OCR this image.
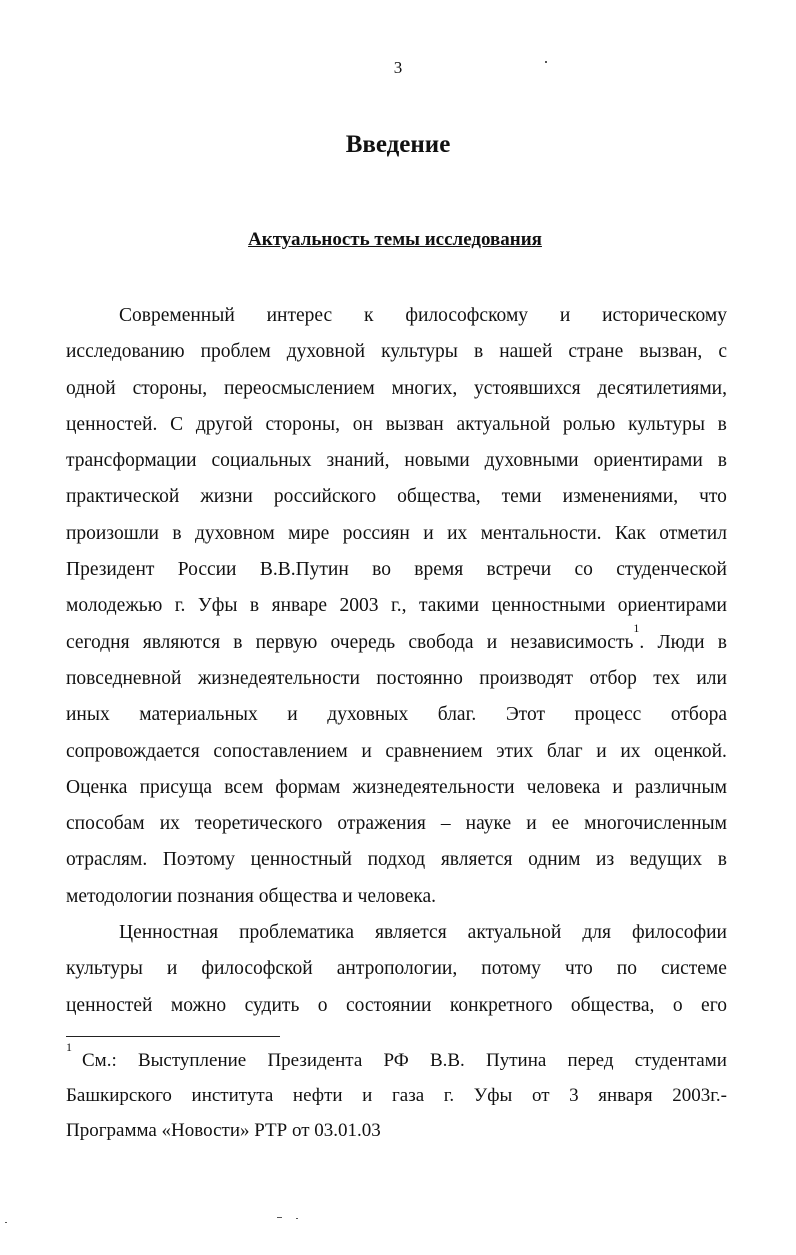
3
Введение
Актуальность темы исследования
Современный интерес к философскому и историческому
исследованию проблем духовной культуры в нашей стране вызван, с
одной стороны, переосмыслением многих, устоявшихся десятилетиями,
ценностей. С другой стороны, он вызван актуальной ролью культуры в
трансформации социальных знаний, новыми духовными ориентирами в
практической жизни российского общества, теми изменениями, что
произошли в духовном мире россиян и их ментальности. Как отметил
Президент России В.В.Путин во время встречи со студенческой
молодежью г. Уфы в январе 2003 г., такими ценностными ориентирами
сегодня являются в первую очередь свобода и независимость$^1$. Люди в
повседневной жизнедеятельности постоянно производят отбор тех или
иных материальных и духовных благ. Этот процесс отбора
сопровождается сопоставлением и сравнением этих благ и их оценкой.
Оценка присуща всем формам жизнедеятельности человека и различным
способам их теоретического отражения – науке и ее многочисленным
отраслям. Поэтому ценностный подход является одним из ведущих в
методологии познания общества и человека.
Ценностная проблематика является актуальной для философии
культуры и философской антропологии, потому что по системе
ценностей можно судить о состоянии конкретного общества, о его
$^1$См.: Выступление Президента РФ В.В. Путина перед студентами
Башкирского института нефти и газа г. Уфы от 3 января 2003г.-
Программа «Новости» РТР от 03.01.03
